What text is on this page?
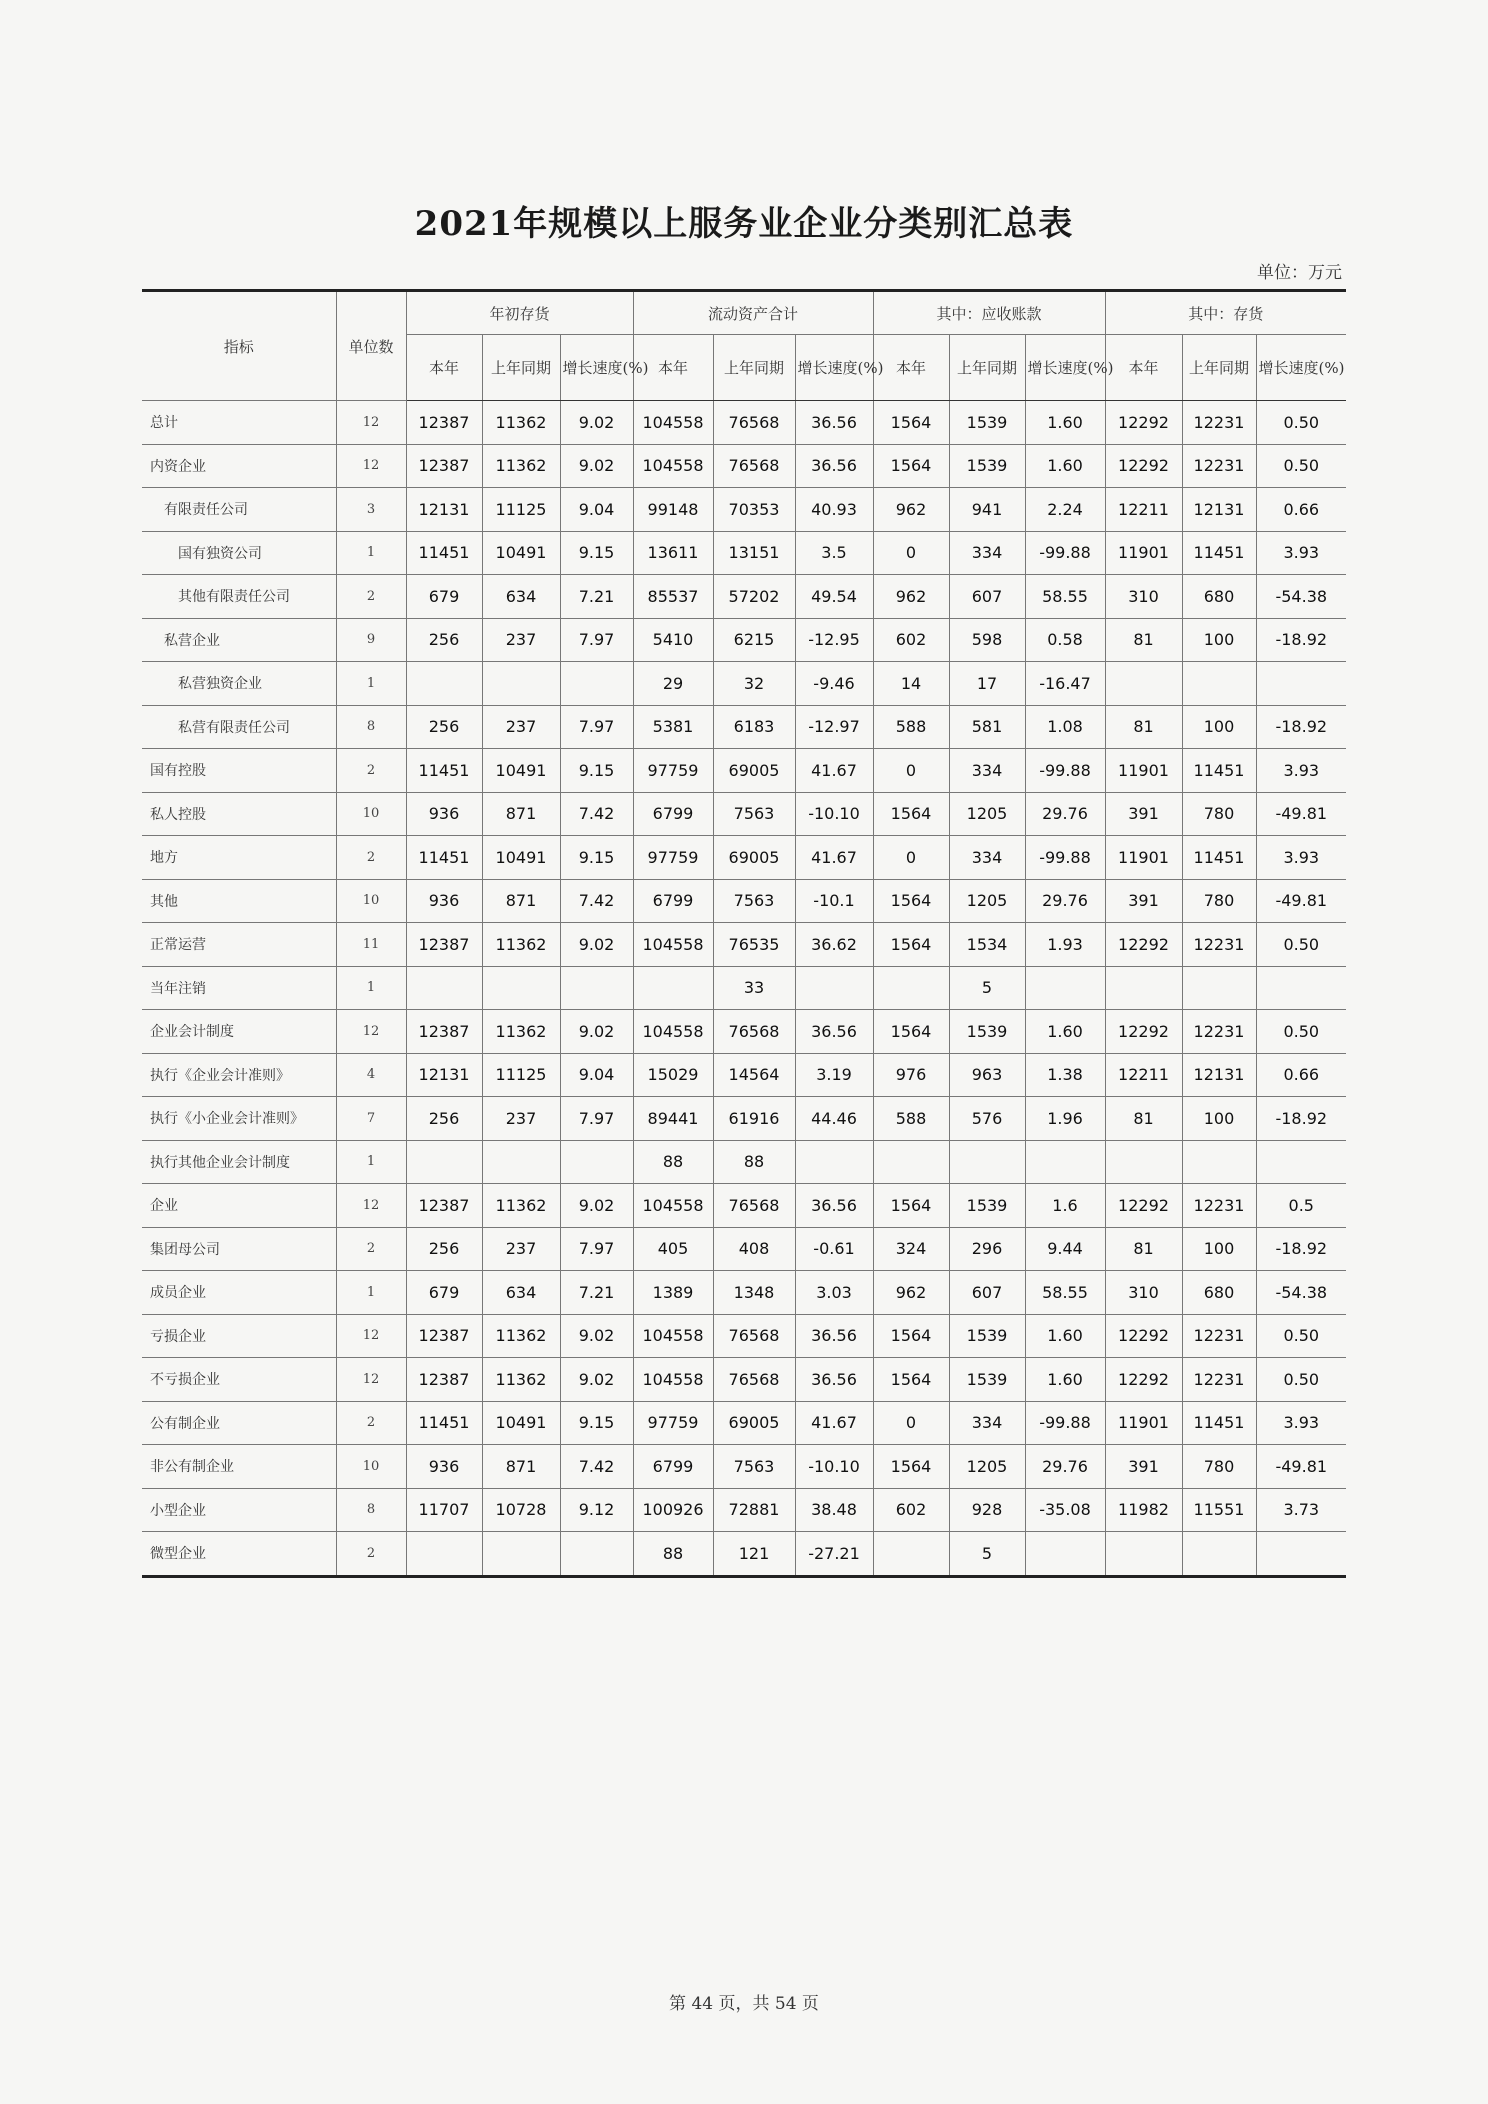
2021年规模以上服务业企业分类别汇总表
单位：万元
指标	单位数	年初存货			流动资产合计			其中：应收账款			其中：存货		
		本年	上年同期	增长速度(%)	本年	上年同期	增长速度(%)	本年	上年同期	增长速度(%)	本年	上年同期	增长速度(%)
总计	12	12387	11362	9.02	104558	76568	36.56	1564	1539	1.60	12292	12231	0.50
内资企业	12	12387	11362	9.02	104558	76568	36.56	1564	1539	1.60	12292	12231	0.50
有限责任公司	3	12131	11125	9.04	99148	70353	40.93	962	941	2.24	12211	12131	0.66
国有独资公司	1	11451	10491	9.15	13611	13151	3.5	0	334	-99.88	11901	11451	3.93
其他有限责任公司	2	679	634	7.21	85537	57202	49.54	962	607	58.55	310	680	-54.38
私营企业	9	256	237	7.97	5410	6215	-12.95	602	598	0.58	81	100	-18.92
私营独资企业	1				29	32	-9.46	14	17	-16.47			
私营有限责任公司	8	256	237	7.97	5381	6183	-12.97	588	581	1.08	81	100	-18.92
国有控股	2	11451	10491	9.15	97759	69005	41.67	0	334	-99.88	11901	11451	3.93
私人控股	10	936	871	7.42	6799	7563	-10.10	1564	1205	29.76	391	780	-49.81
地方	2	11451	10491	9.15	97759	69005	41.67	0	334	-99.88	11901	11451	3.93
其他	10	936	871	7.42	6799	7563	-10.1	1564	1205	29.76	391	780	-49.81
正常运营	11	12387	11362	9.02	104558	76535	36.62	1564	1534	1.93	12292	12231	0.50
当年注销	1					33			5				
企业会计制度	12	12387	11362	9.02	104558	76568	36.56	1564	1539	1.60	12292	12231	0.50
执行《企业会计准则》	4	12131	11125	9.04	15029	14564	3.19	976	963	1.38	12211	12131	0.66
执行《小企业会计准则》	7	256	237	7.97	89441	61916	44.46	588	576	1.96	81	100	-18.92
执行其他企业会计制度	1				88	88							
企业	12	12387	11362	9.02	104558	76568	36.56	1564	1539	1.6	12292	12231	0.5
集团母公司	2	256	237	7.97	405	408	-0.61	324	296	9.44	81	100	-18.92
成员企业	1	679	634	7.21	1389	1348	3.03	962	607	58.55	310	680	-54.38
亏损企业	12	12387	11362	9.02	104558	76568	36.56	1564	1539	1.60	12292	12231	0.50
不亏损企业	12	12387	11362	9.02	104558	76568	36.56	1564	1539	1.60	12292	12231	0.50
公有制企业	2	11451	10491	9.15	97759	69005	41.67	0	334	-99.88	11901	11451	3.93
非公有制企业	10	936	871	7.42	6799	7563	-10.10	1564	1205	29.76	391	780	-49.81
小型企业	8	11707	10728	9.12	100926	72881	38.48	602	928	-35.08	11982	11551	3.73
微型企业	2				88	121	-27.21		5				
第 44 页，共 54 页
